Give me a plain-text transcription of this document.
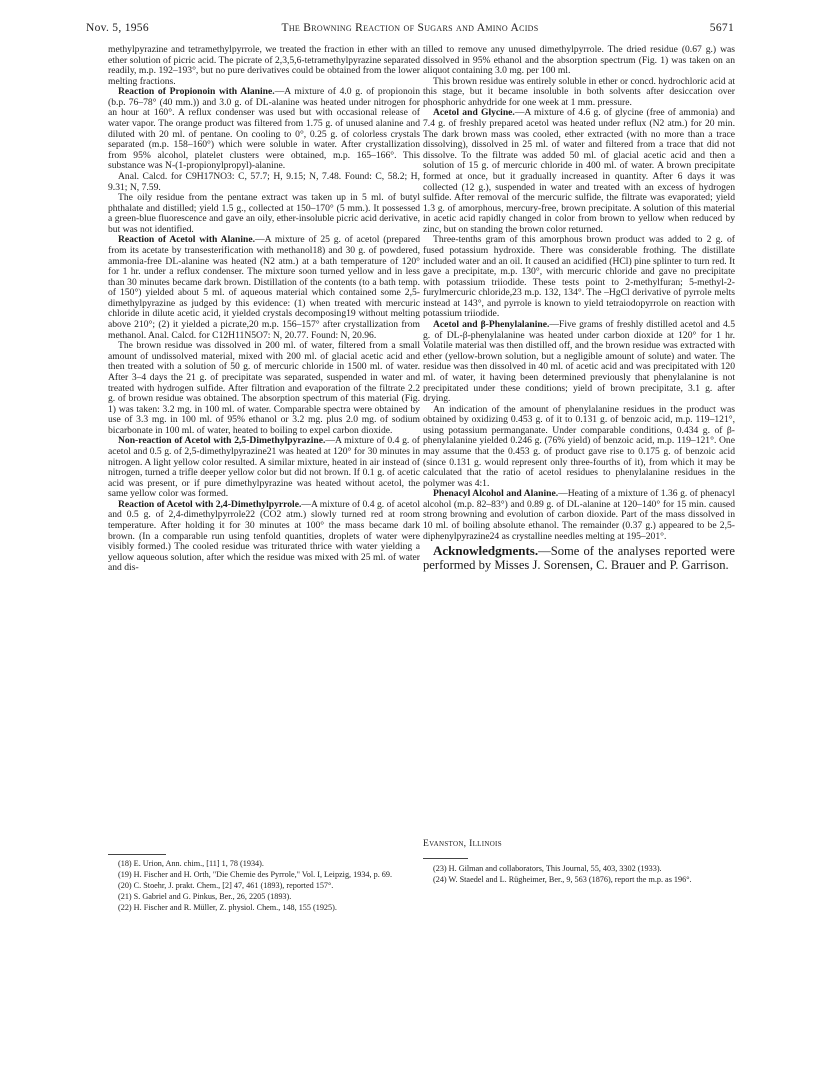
Nov. 5, 1956	The Browning Reaction of Sugars and Amino Acids	5671

methylpyrazine and tetramethylpyrrole, we treated the fraction in ether with an ether solution of picric acid. The picrate of 2,3,5,6-tetramethylpyrazine separated readily, m.p. 192–193°, but no pure derivatives could be obtained from the lower melting fractions.

Reaction of Propionoin with Alanine.—A mixture of 4.0 g. of propionoin (b.p. 76–78° (40 mm.)) and 3.0 g. of DL-alanine was heated under nitrogen for an hour at 160°. A reflux condenser was used but with occasional release of water vapor. The orange product was filtered from 1.75 g. of unused alanine and diluted with 20 ml. of pentane. On cooling to 0°, 0.25 g. of colorless crystals separated (m.p. 158–160°) which were soluble in water. After crystallization from 95% alcohol, platelet clusters were obtained, m.p. 165–166°. This substance was N-(1-propionylpropyl)-alanine.

Anal. Calcd. for C9H17NO3: C, 57.7; H, 9.15; N, 7.48. Found: C, 58.2; H, 9.31; N, 7.59.

The oily residue from the pentane extract was taken up in 5 ml. of butyl phthalate and distilled; yield 1.5 g., collected at 150–170° (5 mm.). It possessed a green-blue fluorescence and gave an oily, ether-insoluble picric acid derivative, but was not identified.

Reaction of Acetol with Alanine.—A mixture of 25 g. of acetol (prepared from its acetate by transesterification with methanol18) and 30 g. of powdered, ammonia-free DL-alanine was heated (N2 atm.) at a bath temperature of 120° for 1 hr. under a reflux condenser. The mixture soon turned yellow and in less than 30 minutes became dark brown. Distillation of the contents (to a bath temp. of 150°) yielded about 5 ml. of aqueous material which contained some 2,5-dimethylpyrazine as judged by this evidence: (1) when treated with mercuric chloride in dilute acetic acid, it yielded crystals decomposing19 without melting above 210°; (2) it yielded a picrate,20 m.p. 156–157° after crystallization from methanol. Anal. Calcd. for C12H11N5O7: N, 20.77. Found: N, 20.96.

The brown residue was dissolved in 200 ml. of water, filtered from a small amount of undissolved material, mixed with 200 ml. of glacial acetic acid and then treated with a solution of 50 g. of mercuric chloride in 1500 ml. of water. After 3–4 days the 21 g. of precipitate was separated, suspended in water and treated with hydrogen sulfide. After filtration and evaporation of the filtrate 2.2 g. of brown residue was obtained. The absorption spectrum of this material (Fig. 1) was taken: 3.2 mg. in 100 ml. of water. Comparable spectra were obtained by use of 3.3 mg. in 100 ml. of 95% ethanol or 3.2 mg. plus 2.0 mg. of sodium bicarbonate in 100 ml. of water, heated to boiling to expel carbon dioxide.

Non-reaction of Acetol with 2,5-Dimethylpyrazine.—A mixture of 0.4 g. of acetol and 0.5 g. of 2,5-dimethylpyrazine21 was heated at 120° for 30 minutes in nitrogen. A light yellow color resulted. A similar mixture, heated in air instead of nitrogen, turned a trifle deeper yellow color but did not brown. If 0.1 g. of acetic acid was present, or if pure dimethylpyrazine was heated without acetol, the same yellow color was formed.

Reaction of Acetol with 2,4-Dimethylpyrrole.—A mixture of 0.4 g. of acetol and 0.5 g. of 2,4-dimethylpyrrole22 (CO2 atm.) slowly turned red at room temperature. After holding it for 30 minutes at 100° the mass became dark brown. (In a comparable run using tenfold quantities, droplets of water were visibly formed.) The cooled residue was triturated thrice with water yielding a yellow aqueous solution, after which the residue was mixed with 25 ml. of water and dis-

tilled to remove any unused dimethylpyrrole. The dried residue (0.67 g.) was dissolved in 95% ethanol and the absorption spectrum (Fig. 1) was taken on an aliquot containing 3.0 mg. per 100 ml.

This brown residue was entirely soluble in ether or concd. hydrochloric acid at this stage, but it became insoluble in both solvents after desiccation over phosphoric anhydride for one week at 1 mm. pressure.

Acetol and Glycine.—A mixture of 4.6 g. of glycine (free of ammonia) and 7.4 g. of freshly prepared acetol was heated under reflux (N2 atm.) for 20 min. The dark brown mass was cooled, ether extracted (with no more than a trace dissolving), dissolved in 25 ml. of water and filtered from a trace that did not dissolve. To the filtrate was added 50 ml. of glacial acetic acid and then a solution of 15 g. of mercuric chloride in 400 ml. of water. A brown precipitate formed at once, but it gradually increased in quantity. After 6 days it was collected (12 g.), suspended in water and treated with an excess of hydrogen sulfide. After removal of the mercuric sulfide, the filtrate was evaporated; yield 1.3 g. of amorphous, mercury-free, brown precipitate. A solution of this material in acetic acid rapidly changed in color from brown to yellow when reduced by zinc, but on standing the brown color returned.

Three-tenths gram of this amorphous brown product was added to 2 g. of fused potassium hydroxide. There was considerable frothing. The distillate included water and an oil. It caused an acidified (HCl) pine splinter to turn red. It gave a precipitate, m.p. 130°, with mercuric chloride and gave no precipitate with potassium triiodide. These tests point to 2-methylfuran; 5-methyl-2-furylmercuric chloride,23 m.p. 132, 134°. The –HgCl derivative of pyrrole melts instead at 143°, and pyrrole is known to yield tetraiodopyrrole on reaction with potassium triiodide.

Acetol and β-Phenylalanine.—Five grams of freshly distilled acetol and 4.5 g. of DL-β-phenylalanine was heated under carbon dioxide at 120° for 1 hr. Volatile material was then distilled off, and the brown residue was extracted with ether (yellow-brown solution, but a negligible amount of solute) and water. The residue was then dissolved in 40 ml. of acetic acid and was precipitated with 120 ml. of water, it having been determined previously that phenylalanine is not precipitated under these conditions; yield of brown precipitate, 3.1 g. after drying.

An indication of the amount of phenylalanine residues in the product was obtained by oxidizing 0.453 g. of it to 0.131 g. of benzoic acid, m.p. 119–121°, using potassium permanganate. Under comparable conditions, 0.434 g. of β-phenylalanine yielded 0.246 g. (76% yield) of benzoic acid, m.p. 119–121°. One may assume that the 0.453 g. of product gave rise to 0.175 g. of benzoic acid (since 0.131 g. would represent only three-fourths of it), from which it may be calculated that the ratio of acetol residues to phenylalanine residues in the polymer was 4:1.

Phenacyl Alcohol and Alanine.—Heating of a mixture of 1.36 g. of phenacyl alcohol (m.p. 82–83°) and 0.89 g. of DL-alanine at 120–140° for 15 min. caused strong browning and evolution of carbon dioxide. Part of the mass dissolved in 10 ml. of boiling absolute ethanol. The remainder (0.37 g.) appeared to be 2,5-diphenylpyrazine24 as crystalline needles melting at 195–201°.

Acknowledgments.—Some of the analyses reported were performed by Misses J. Sorensen, C. Brauer and P. Garrison.

Evanston, Illinois

(18) E. Urion, Ann. chim., [11] 1, 78 (1934).

(19) H. Fischer and H. Orth, "Die Chemie des Pyrrole," Vol. I, Leipzig, 1934, p. 69.

(20) C. Stoehr, J. prakt. Chem., [2] 47, 461 (1893), reported 157°.

(21) S. Gabriel and G. Pinkus, Ber., 26, 2205 (1893).

(22) H. Fischer and R. Müller, Z. physiol. Chem., 148, 155 (1925).

(23) H. Gilman and collaborators, This Journal, 55, 403, 3302 (1933).

(24) W. Staedel and L. Rügheimer, Ber., 9, 563 (1876), report the m.p. as 196°.
